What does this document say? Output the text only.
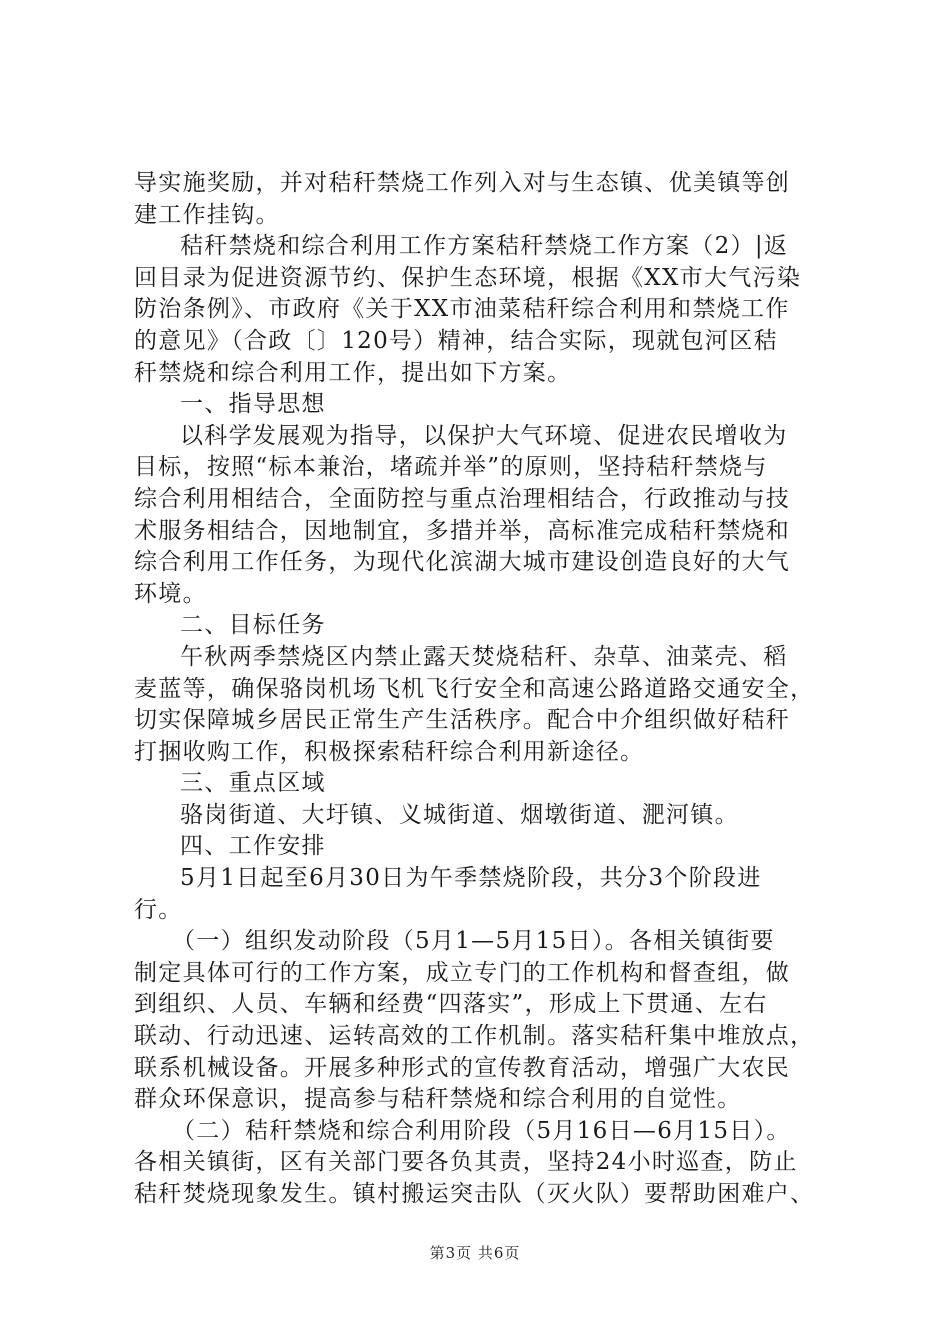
导实施奖励，并对秸秆禁烧工作列入对与生态镇、优美镇等创
建工作挂钩。
秸秆禁烧和综合利用工作方案秸秆禁烧工作方案（2）|返
回目录为促进资源节约、保护生态环境，根据《XX市大气污染
防治条例》、市政府《关于XX市油菜秸秆综合利用和禁烧工作
的意见》（合政〔〕120号）精神，结合实际，现就包河区秸
秆禁烧和综合利用工作，提出如下方案。
一、指导思想
以科学发展观为指导，以保护大气环境、促进农民增收为
目标，按照“标本兼治，堵疏并举”的原则，坚持秸秆禁烧与
综合利用相结合，全面防控与重点治理相结合，行政推动与技
术服务相结合，因地制宜，多措并举，高标准完成秸秆禁烧和
综合利用工作任务，为现代化滨湖大城市建设创造良好的大气
环境。
二、目标任务
午秋两季禁烧区内禁止露天焚烧秸秆、杂草、油菜壳、稻
麦蓝等，确保骆岗机场飞机飞行安全和高速公路道路交通安全，
切实保障城乡居民正常生产生活秩序。配合中介组织做好秸秆
打捆收购工作，积极探索秸秆综合利用新途径。
三、重点区域
骆岗街道、大圩镇、义城街道、烟墩街道、淝河镇。
四、工作安排
5月1日起至6月30日为午季禁烧阶段，共分3个阶段进
行。
（一）组织发动阶段（5月1—5月15日）。各相关镇街要
制定具体可行的工作方案，成立专门的工作机构和督查组，做
到组织、人员、车辆和经费“四落实”，形成上下贯通、左右
联动、行动迅速、运转高效的工作机制。落实秸秆集中堆放点，
联系机械设备。开展多种形式的宣传教育活动，增强广大农民
群众环保意识，提高参与秸秆禁烧和综合利用的自觉性。
（二）秸秆禁烧和综合利用阶段（5月16日—6月15日）。
各相关镇街，区有关部门要各负其责，坚持24小时巡查，防止
秸秆焚烧现象发生。镇村搬运突击队（灭火队）要帮助困难户、
第3页 共6页
